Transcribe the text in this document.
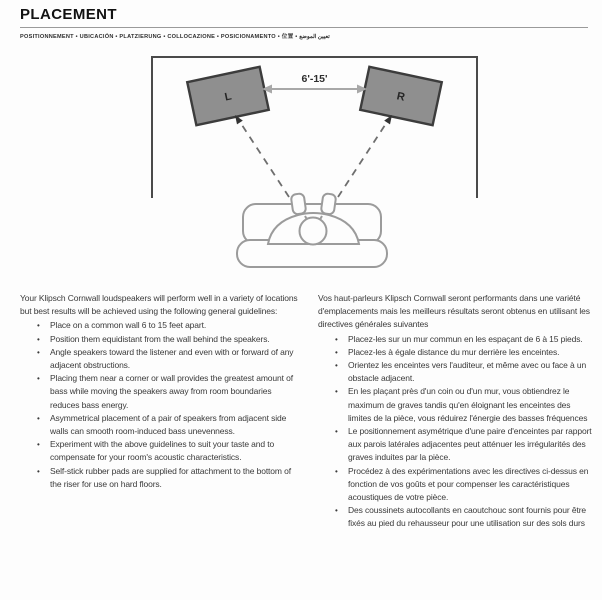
PLACEMENT
POSITIONNEMENT • UBICACIÓN • PLATZIERUNG • COLLOCAZIONE • POSICIONAMENTO • 位置 • تعيين الموضع
L	R
6'-15'

Your Klipsch Cornwall loudspeakers will perform well in a variety of locations but best results will be achieved using the following general guidelines:

• Place on a common wall 6 to 15 feet apart.
• Position them equidistant from the wall behind the speakers.
• Angle speakers toward the listener and even with or forward of any adjacent obstructions.
• Placing them near a corner or wall provides the greatest amount of bass while moving the speakers away from room boundaries reduces bass energy.
• Asymmetrical placement of a pair of speakers from adjacent side walls can smooth room-induced bass unevenness.
• Experiment with the above guidelines to suit your taste and to compensate for your room's acoustic characteristics.
• Self-stick rubber pads are supplied for attachment to the bottom of the riser for use on hard floors.

Vos haut-parleurs Klipsch Cornwall seront performants dans une variété d'emplacements mais les meilleurs résultats seront obtenus en utilisant les directives générales suivantes

• Placez-les sur un mur commun en les espaçant de 6 à 15 pieds.
• Placez-les à égale distance du mur derrière les enceintes.
• Orientez les enceintes vers l'auditeur, et même avec ou face à un obstacle adjacent.
• En les plaçant près d'un coin ou d'un mur, vous obtiendrez le maximum de graves tandis qu'en éloignant les enceintes des limites de la pièce, vous réduirez l'énergie des basses fréquences
• Le positionnement asymétrique d'une paire d'enceintes par rapport aux parois latérales adjacentes peut atténuer les irrégularités des graves induites par la pièce.
• Procédez à des expérimentations avec les directives ci-dessus en fonction de vos goûts et pour compenser les caractéristiques acoustiques de votre pièce.
• Des coussinets autocollants en caoutchouc sont fournis pour être fixés au pied du rehausseur pour une utilisation sur des sols durs
